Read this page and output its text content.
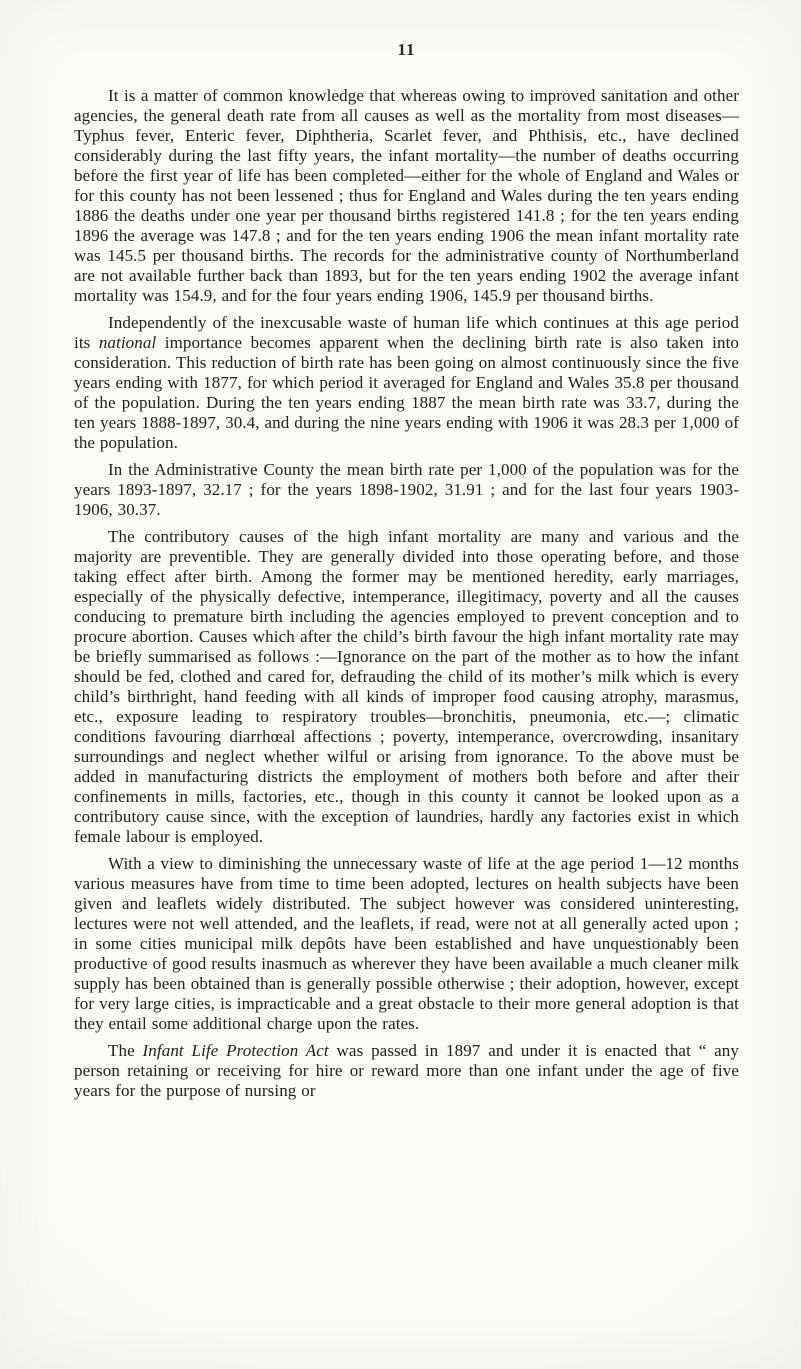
11

It is a matter of common knowledge that whereas owing to improved sanitation and other agencies, the general death rate from all causes as well as the mortality from most diseases—Typhus fever, Enteric fever, Diphtheria, Scarlet fever, and Phthisis, etc., have declined considerably during the last fifty years, the infant mortality—the number of deaths occurring before the first year of life has been completed—either for the whole of England and Wales or for this county has not been lessened ; thus for England and Wales during the ten years ending 1886 the deaths under one year per thousand births registered 141.8 ; for the ten years ending 1896 the average was 147.8 ; and for the ten years ending 1906 the mean infant mortality rate was 145.5 per thousand births. The records for the administrative county of Northumberland are not available further back than 1893, but for the ten years ending 1902 the average infant mortality was 154.9, and for the four years ending 1906, 145.9 per thousand births.

Independently of the inexcusable waste of human life which continues at this age period its national importance becomes apparent when the declining birth rate is also taken into consideration. This reduction of birth rate has been going on almost continuously since the five years ending with 1877, for which period it averaged for England and Wales 35.8 per thousand of the population. During the ten years ending 1887 the mean birth rate was 33.7, during the ten years 1888-1897, 30.4, and during the nine years ending with 1906 it was 28.3 per 1,000 of the population.

In the Administrative County the mean birth rate per 1,000 of the population was for the years 1893-1897, 32.17 ; for the years 1898-1902, 31.91 ; and for the last four years 1903-1906, 30.37.

The contributory causes of the high infant mortality are many and various and the majority are preventible. They are generally divided into those operating before, and those taking effect after birth. Among the former may be mentioned heredity, early marriages, especially of the physically defective, intemperance, illegitimacy, poverty and all the causes conducing to premature birth including the agencies employed to prevent conception and to procure abortion. Causes which after the child’s birth favour the high infant mortality rate may be briefly summarised as follows :—Ignorance on the part of the mother as to how the infant should be fed, clothed and cared for, defrauding the child of its mother’s milk which is every child’s birthright, hand feeding with all kinds of improper food causing atrophy, marasmus, etc., exposure leading to respiratory troubles—bronchitis, pneumonia, etc.—; climatic conditions favouring diarrhœal affections ; poverty, intemperance, overcrowding, insanitary surroundings and neglect whether wilful or arising from ignorance. To the above must be added in manufacturing districts the employment of mothers both before and after their confinements in mills, factories, etc., though in this county it cannot be looked upon as a contributory cause since, with the exception of laundries, hardly any factories exist in which female labour is employed.

With a view to diminishing the unnecessary waste of life at the age period 1—12 months various measures have from time to time been adopted, lectures on health subjects have been given and leaflets widely distributed. The subject however was considered uninteresting, lectures were not well attended, and the leaflets, if read, were not at all generally acted upon ; in some cities municipal milk depôts have been established and have unquestionably been productive of good results inasmuch as wherever they have been available a much cleaner milk supply has been obtained than is generally possible otherwise ; their adoption, however, except for very large cities, is impracticable and a great obstacle to their more general adoption is that they entail some additional charge upon the rates.

The Infant Life Protection Act was passed in 1897 and under it is enacted that “ any person retaining or receiving for hire or reward more than one infant under the age of five years for the purpose of nursing or
